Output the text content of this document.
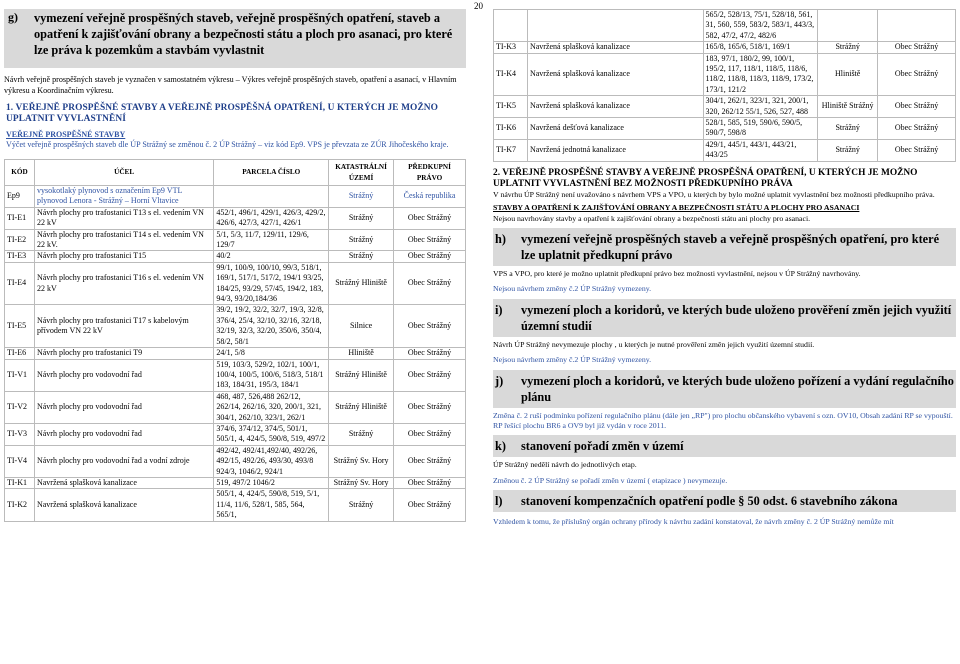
20
g)	vymezení veřejně prospěšných staveb, veřejně prospěšných opatření, staveb a opatření k zajišťování obrany a bezpečnosti státu a ploch pro asanaci, pro které lze práva k pozemkům a stavbám vyvlastnit

Návrh veřejně prospěšných staveb je vyznačen v samostatném výkresu – Výkres veřejně prospěšných staveb, opatření a asanací, v Hlavním výkresu a Koordinačním výkresu.

1. VEŘEJNĚ PROSPĚŠNÉ STAVBY A VEŘEJNĚ PROSPĚŠNÁ OPATŘENÍ, U KTERÝCH JE MOŽNO UPLATNIT VYVLASTNĚNÍ
VEŘEJNĚ PROSPĚŠNÉ STAVBY
Výčet veřejně prospěšných staveb dle ÚP Strážný se změnou č. 2 ÚP Strážný – viz kód Ep9. VPS je převzata ze ZÚR Jihočeského kraje.
KÓD	ÚČEL	PARCELA ČÍSLO	KATASTRÁLNÍ ÚZEMÍ	PŘEDKUPNÍ PRÁVO
Ep9	vysokotlaký plynovod s označením Ep9 VTL plynovod Lenora - Strážný – Horní Vltavice		Strážný	Česká republika
TI-E1	Návrh plochy pro trafostanici T13 s el. vedením VN 22 kV	452/1, 496/1, 429/1, 426/3, 429/2, 426/6, 427/3, 427/1, 426/1	Strážný	Obec Strážný
TI-E2	Návrh plochy pro trafostanici T14 s el. vedením VN 22 kV.	5/1, 5/3, 11/7, 129/11, 129/6, 129/7	Strážný	Obec Strážný
TI-E3	Návrh plochy pro trafostanici T15	40/2	Strážný	Obec Strážný
TI-E4	Návrh plochy pro trafostanici T16 s el. vedením VN 22 kV	99/1, 100/9, 100/10, 99/3, 518/1, 169/1, 517/1, 517/2, 194/1 93/25, 184/25, 93/29, 57/45, 194/2, 183, 94/3, 93/20,184/36	Strážný Hliniště	Obec Strážný
TI-E5	Návrh plochy pro trafostanici T17 s kabelovým přívodem VN 22 kV	39/2, 19/2, 32/2, 32/7, 19/3, 32/8, 376/4, 25/4, 32/10, 32/16, 32/18, 32/19, 32/3, 32/20, 350/6, 350/4, 58/2, 58/1	Silnice	Obec Strážný
TI-E6	Návrh plochy pro trafostanici T9	24/1, 5/8	Hliniště	Obec Strážný
TI-V1	Návrh plochy pro vodovodní řad	519, 103/3, 529/2, 102/1, 100/1, 100/4, 100/5, 100/6, 518/3, 518/1 183, 184/31, 195/3, 184/1	Strážný Hliniště	Obec Strážný
TI-V2	Návrh plochy pro vodovodní řad	468, 487, 526,488 262/12, 262/14, 262/16, 320, 200/1, 321, 304/1, 262/10, 323/1, 262/1	Strážný Hliniště	Obec Strážný
TI-V3	Návrh plochy pro vodovodní řad	374/6, 374/12, 374/5, 501/1, 505/1, 4, 424/5, 590/8, 519, 497/2	Strážný	Obec Strážný
TI-V4	Návrh plochy pro vodovodní řad a vodní zdroje	492/42, 492/41,492/40, 492/26, 492/15, 492/26, 493/30, 493/8 924/3, 1046/2, 924/1	Strážný Sv. Hory	Obec Strážný
TI-K1	Navržená splašková kanalizace	519, 497/2 1046/2	Strážný Sv. Hory	Obec Strážný
TI-K2	Navržená splašková kanalizace	505/1, 4, 424/5, 590/8, 519, 5/1, 11/4, 11/6, 528/1, 585, 564, 565/1,	Strážný	Obec Strážný
		565/2, 528/13, 75/1, 528/18, 561, 31, 560, 559, 583/2, 583/1, 443/3, 582, 47/2, 47/2, 482/6		
TI-K3	Navržená splašková kanalizace	165/8, 165/6, 518/1, 169/1	Strážný	Obec Strážný
TI-K4	Navržená splašková kanalizace	183, 97/1, 180/2, 99, 100/1, 195/2, 117, 118/1, 118/5, 118/6, 118/2, 118/8, 118/3, 118/9, 173/2, 173/1, 121/2	Hliniště	Obec Strážný
TI-K5	Navržená splašková kanalizace	304/1, 262/1, 323/1, 321, 200/1, 320, 262/12 55/1, 526, 527, 488	Hliniště Strážný	Obec Strážný
TI-K6	Navržená dešťová kanalizace	528/1, 585, 519, 590/6, 590/5, 590/7, 598/8	Strážný	Obec Strážný
TI-K7	Navržená jednotná kanalizace	429/1, 445/1, 443/1, 443/21, 443/25	Strážný	Obec Strážný
2. VEŘEJNĚ PROSPĚŠNÉ STAVBY A VEŘEJNĚ PROSPĚŠNÁ OPATŘENÍ, U KTERÝCH JE MOŽNO UPLATNIT VYVLASTNĚNÍ BEZ MOŽNOSTI PŘEDKUPNÍHO PRÁVA

V návrhu ÚP Strážný není uvažováno s návrhem VPS a VPO, u kterých by bylo možné uplatnit vyvlastnění bez možnosti předkupního práva.

STAVBY A OPATŘENÍ K ZAJIŠŤOVÁNÍ OBRANY A BEZPEČNOSTI STÁTU A PLOCHY PRO ASANACI

Nejsou navrhovány stavby a opatření k zajišťování obrany a bezpečnosti státu ani plochy pro asanaci.

h)	vymezení veřejně prospěšných staveb a veřejně prospěšných opatření, pro které lze uplatnit předkupní právo

VPS a VPO, pro které je možno uplatnit předkupní právo bez možnosti vyvlastnění, nejsou v ÚP Strážný navrhovány.

Nejsou návrhem změny č.2 ÚP Strážný vymezeny.

i)	vymezení ploch a koridorů, ve kterých bude uloženo prověření změn jejich využití územní studií

Návrh ÚP Strážný nevymezuje plochy , u kterých je nutné prověření změn jejich využití územní studií.

Nejsou návrhem změny č.2 ÚP Strážný vymezeny.

j)	vymezení ploch a koridorů, ve kterých bude uloženo pořízení a vydání regulačního plánu

Změna č. 2 ruší podmínku pořízení regulačního plánu (dále jen „RP") pro plochu občanského vybavení s ozn. OV10, Obsah zadání RP se vypouští. RP řešící plochu BR6 a OV9 byl již vydán v roce 2011.

k)	stanovení pořadí změn v území

ÚP Strážný nedělí návrh do jednotlivých etap.

Změnou č. 2 ÚP Strážný se pořadí změn v území ( etapizace ) nevymezuje.

l)	stanovení kompenzačních opatření podle § 50 odst. 6 stavebního zákona

Vzhledem k tomu, že příslušný orgán ochrany přírody k návrhu zadání konstatoval, že návrh změny č. 2 ÚP Strážný nemůže mít
